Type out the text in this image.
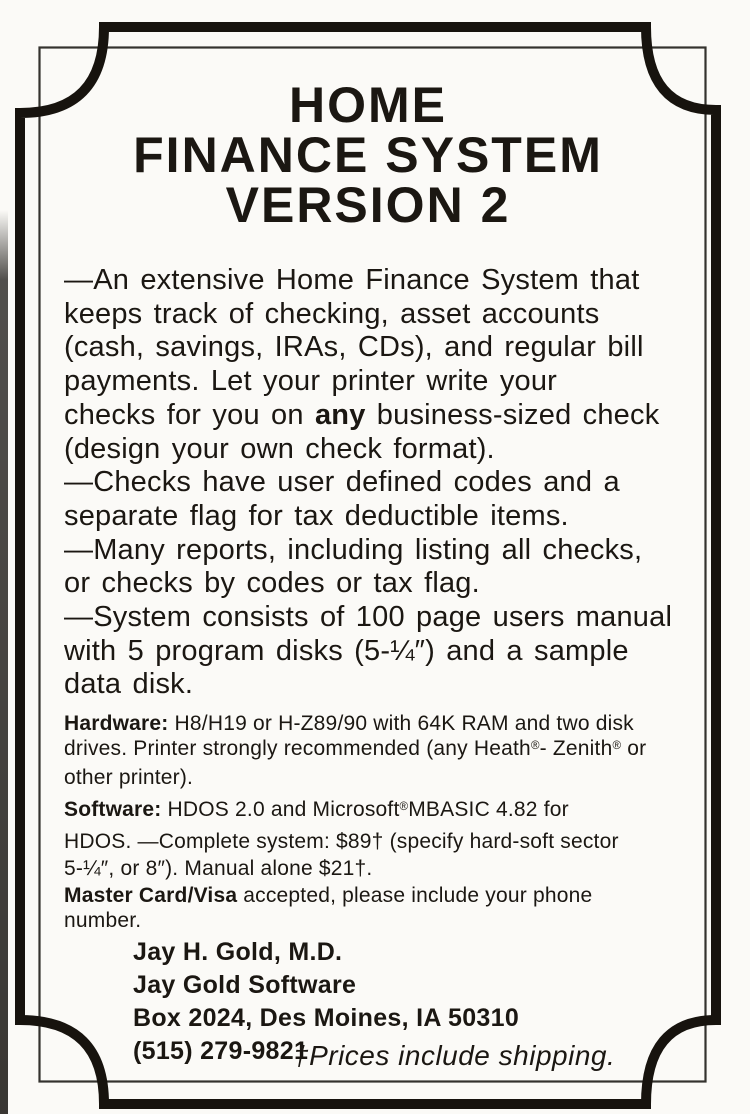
HOME
FINANCE SYSTEM
VERSION 2
—An extensive Home Finance System that
keeps track of checking, asset accounts
(cash, savings, IRAs, CDs), and regular bill
payments. Let your printer write your
checks for you on any business-sized check
(design your own check format).
—Checks have user defined codes and a
separate flag for tax deductible items.
—Many reports, including listing all checks,
or checks by codes or tax flag.
—System consists of 100 page users manual
with 5 program disks (5-¼″) and a sample
data disk.
Hardware: H8/H19 or H-Z89/90 with 64K RAM and two disk
drives. Printer strongly recommended (any Heath®- Zenith® or
other printer).
Software: HDOS 2.0 and Microsoft®MBASIC 4.82 for
HDOS. —Complete system: $89† (specify hard-soft sector
5-¼″, or 8″). Manual alone $21†.
Master Card/Visa accepted, please include your phone
number.
Jay H. Gold, M.D.
Jay Gold Software
Box 2024, Des Moines, IA 50310
(515) 279-9821
†Prices include shipping.
